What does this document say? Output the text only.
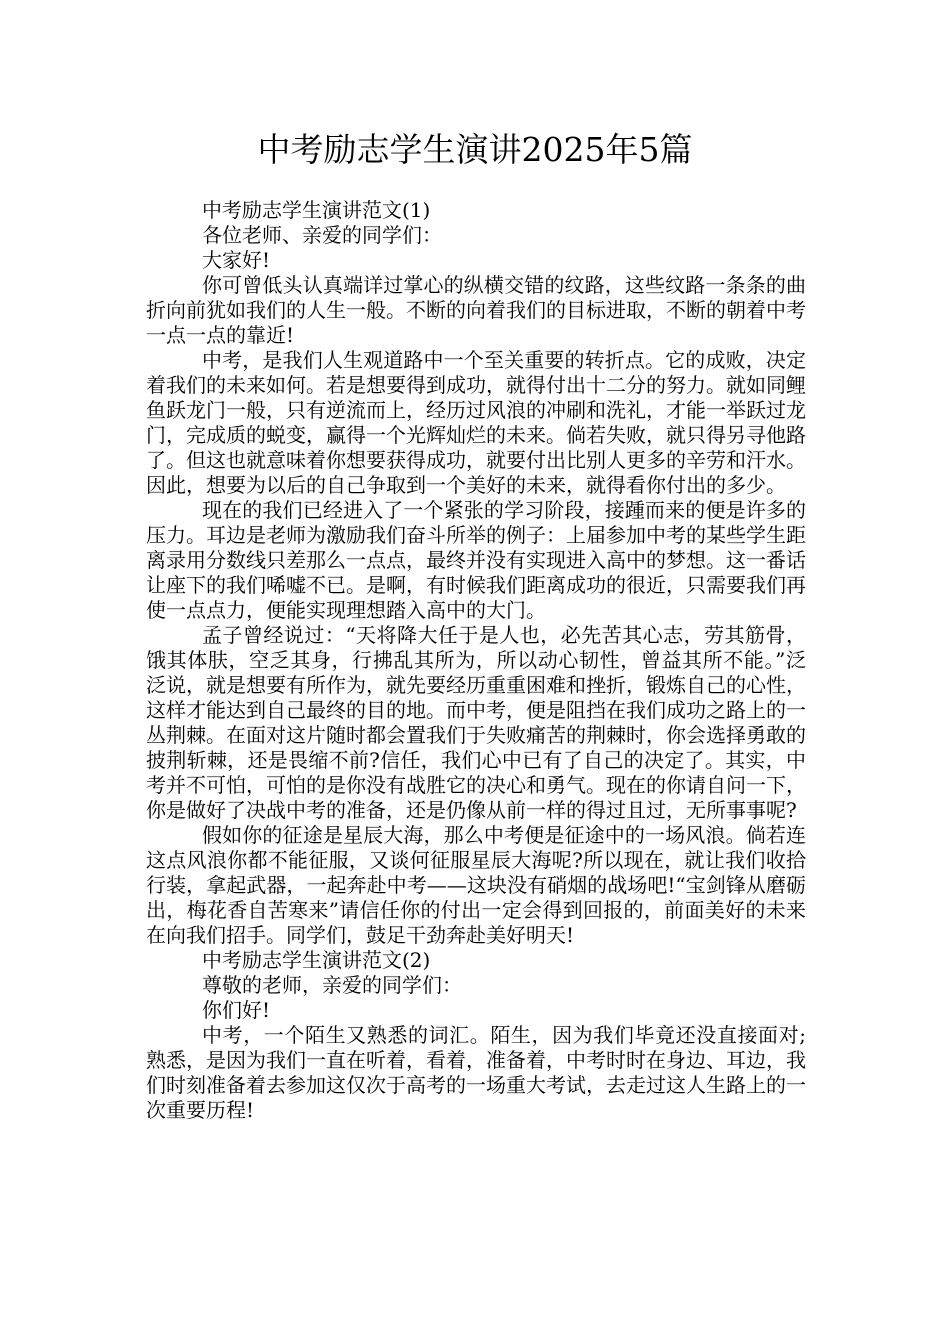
中考励志学生演讲2025年5篇

中考励志学生演讲范文(1)

各位老师、亲爱的同学们：

大家好!

你可曾低头认真端详过掌心的纵横交错的纹路，这些纹路一条条的曲折向前犹如我们的人生一般。不断的向着我们的目标进取，不断的朝着中考一点一点的靠近!

中考，是我们人生观道路中一个至关重要的转折点。它的成败，决定着我们的未来如何。若是想要得到成功，就得付出十二分的努力。就如同鲤鱼跃龙门一般，只有逆流而上，经历过风浪的冲刷和洗礼，才能一举跃过龙门，完成质的蜕变，赢得一个光辉灿烂的未来。倘若失败，就只得另寻他路了。但这也就意味着你想要获得成功，就要付出比别人更多的辛劳和汗水。因此，想要为以后的自己争取到一个美好的未来，就得看你付出的多少。

现在的我们已经进入了一个紧张的学习阶段，接踵而来的便是许多的压力。耳边是老师为激励我们奋斗所举的例子：上届参加中考的某些学生距离录用分数线只差那么一点点，最终并没有实现进入高中的梦想。这一番话让座下的我们唏嘘不已。是啊，有时候我们距离成功的很近，只需要我们再使一点点力，便能实现理想踏入高中的大门。

孟子曾经说过：“天将降大任于是人也，必先苦其心志，劳其筋骨，饿其体肤，空乏其身，行拂乱其所为，所以动心韧性，曾益其所不能。”泛泛说，就是想要有所作为，就先要经历重重困难和挫折，锻炼自己的心性，这样才能达到自己最终的目的地。而中考，便是阻挡在我们成功之路上的一丛荆棘。在面对这片随时都会置我们于失败痛苦的荆棘时，你会选择勇敢的披荆斩棘，还是畏缩不前?信任，我们心中已有了自己的决定了。其实，中考并不可怕，可怕的是你没有战胜它的决心和勇气。现在的你请自问一下，你是做好了决战中考的准备，还是仍像从前一样的得过且过，无所事事呢?

假如你的征途是星辰大海，那么中考便是征途中的一场风浪。倘若连这点风浪你都不能征服，又谈何征服星辰大海呢?所以现在，就让我们收拾行装，拿起武器，一起奔赴中考——这块没有硝烟的战场吧!“宝剑锋从磨砺出，梅花香自苦寒来”请信任你的付出一定会得到回报的，前面美好的未来在向我们招手。同学们，鼓足干劲奔赴美好明天!

中考励志学生演讲范文(2)

尊敬的老师，亲爱的同学们：

你们好!

中考，一个陌生又熟悉的词汇。陌生，因为我们毕竟还没直接面对;熟悉，是因为我们一直在听着，看着，准备着，中考时时在身边、耳边，我们时刻准备着去参加这仅次于高考的一场重大考试，去走过这人生路上的一次重要历程!
